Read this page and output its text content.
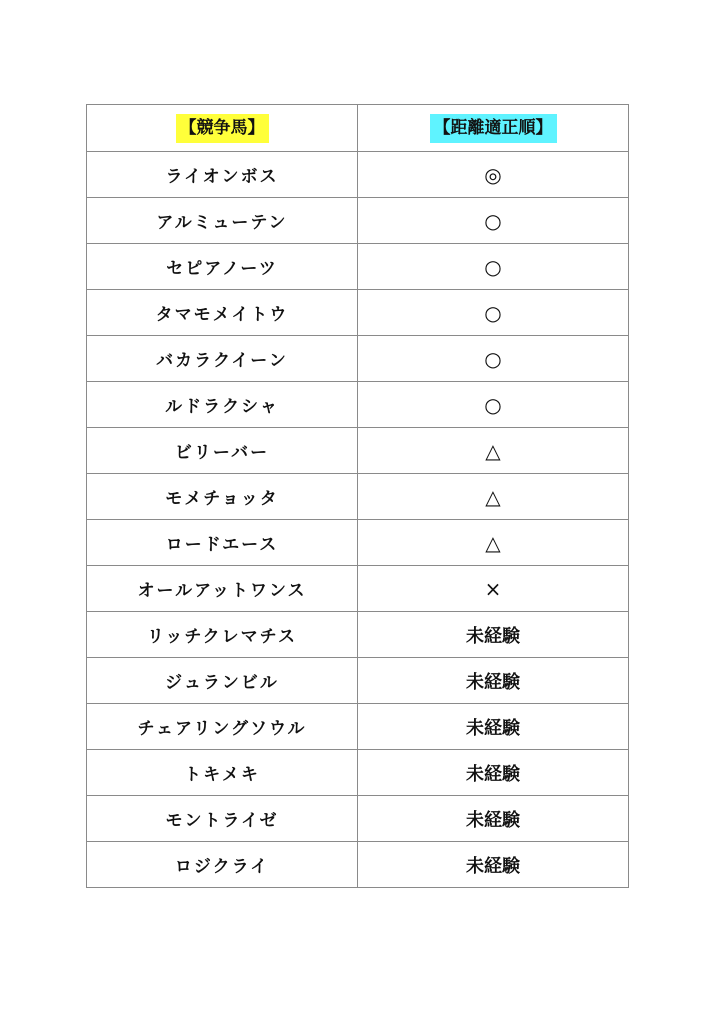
【競争馬】	【距離適正順】
ライオンボス	◎
アルミューテン	○
セピアノーツ	○
タマモメイトウ	○
バカラクイーン	○
ルドラクシャ	○
ビリーバー	△
モメチョッタ	△
ロードエース	△
オールアットワンス	×
リッチクレマチス	未経験
ジュランビル	未経験
チェアリングソウル	未経験
トキメキ	未経験
モントライゼ	未経験
ロジクライ	未経験
